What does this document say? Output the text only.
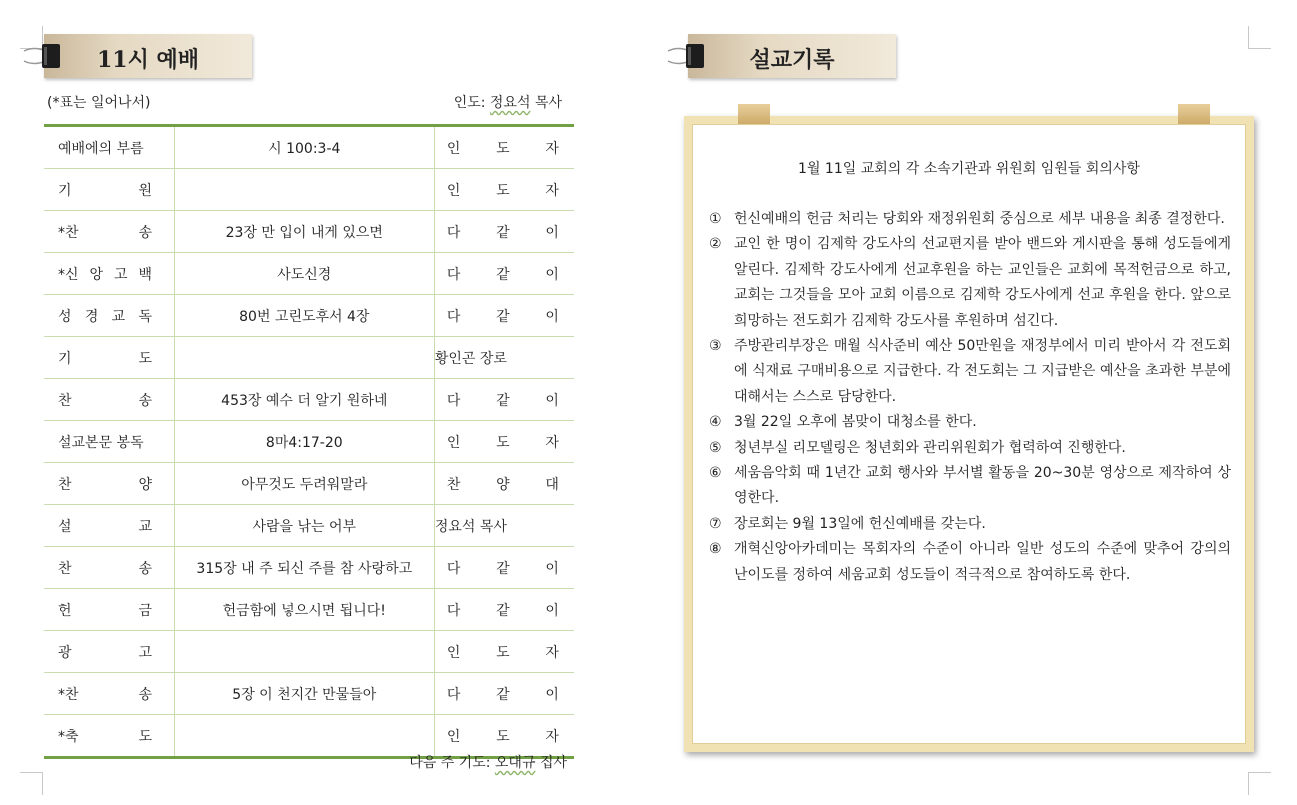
11시 예배
(*표는 일어나서)	인도: 정요석 목사
예배에의 부름	시 100:3-4	인 도 자

기 원		인 도 자

*찬 송	23장 만 입이 내게 있으면	다 같 이

*신 앙 고 백	사도신경	다 같 이

성 경 교 독	80번 고린도후서 4장	다 같 이

기 도		황인곤 장로

찬 송	453장 예수 더 알기 원하네	다 같 이

설교본문 봉독	8마4:17-20	인 도 자

찬 양	아무것도 두려워말라	찬 양 대

설 교	사람을 낚는 어부	정요석 목사

찬 송	315장 내 주 되신 주를 참 사랑하고	다 같 이

헌 금	헌금함에 넣으시면 됩니다!	다 같 이

광 고		인 도 자

*찬 송	5장 이 천지간 만물들아	다 같 이

*축 도		인 도 자
다음 주 기도: 오대규 집사
설교기록
1월 11일 교회의 각 소속기관과 위원회 임원들 회의사항
① 헌신예배의 헌금 처리는 당회와 재정위원회 중심으로 세부 내용을 최종 결정한다.
② 교인 한 명이 김제학 강도사의 선교편지를 받아 밴드와 게시판을 통해 성도들에게 알린다. 김제학 강도사에게 선교후원을 하는 교인들은 교회에 목적헌금으로 하고, 교회는 그것들을 모아 교회 이름으로 김제학 강도사에게 선교 후원을 한다. 앞으로 희망하는 전도회가 김제학 강도사를 후원하며 섬긴다.
③ 주방관리부장은 매월 식사준비 예산 50만원을 재정부에서 미리 받아서 각 전도회에 식재료 구매비용으로 지급한다. 각 전도회는 그 지급받은 예산을 초과한 부분에 대해서는 스스로 담당한다.
④ 3월 22일 오후에 봄맞이 대청소를 한다.
⑤ 청년부실 리모델링은 청년회와 관리위원회가 협력하여 진행한다.
⑥ 세움음악회 때 1년간 교회 행사와 부서별 활동을 20~30분 영상으로 제작하여 상영한다.
⑦ 장로회는 9월 13일에 헌신예배를 갖는다.
⑧ 개혁신앙아카데미는 목회자의 수준이 아니라 일반 성도의 수준에 맞추어 강의의 난이도를 정하여 세움교회 성도들이 적극적으로 참여하도록 한다.
